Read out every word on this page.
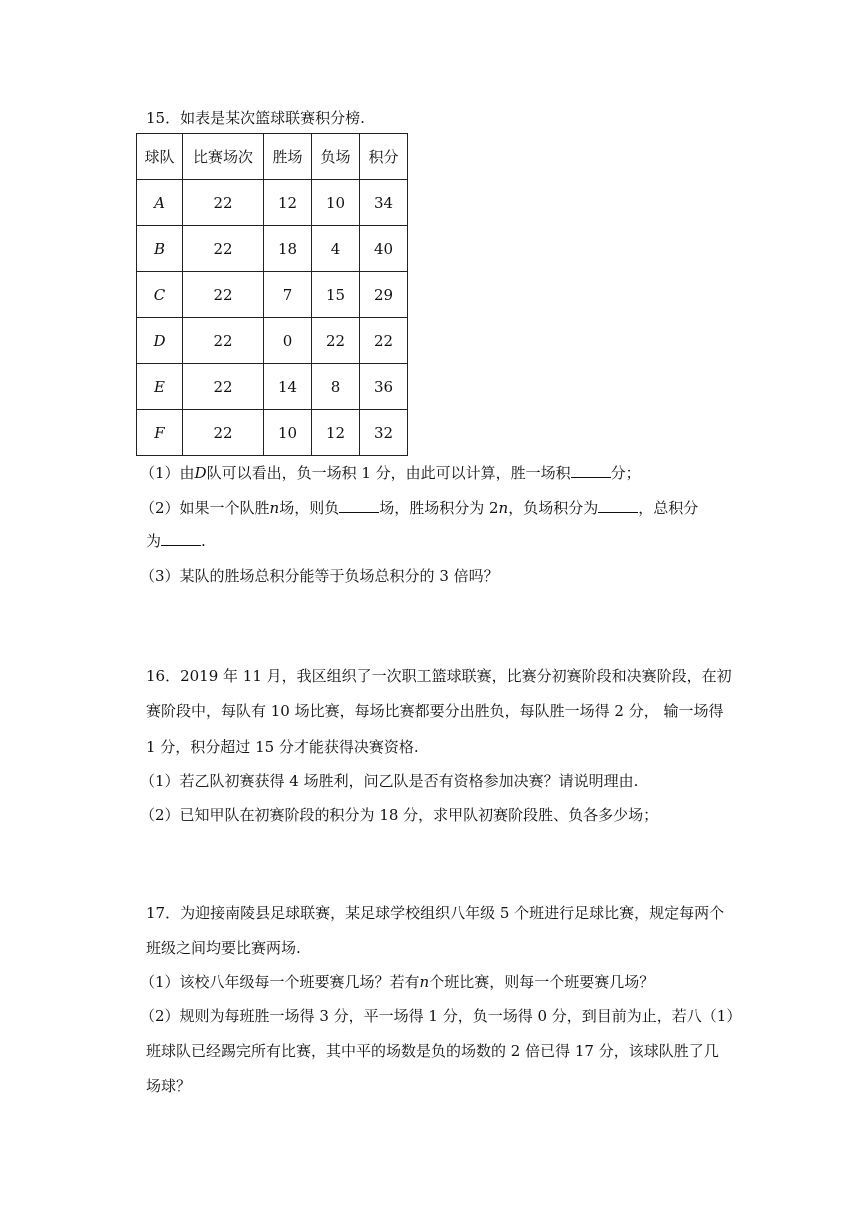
15．如表是某次篮球联赛积分榜.
球队	比赛场次	胜场	负场	积分
A	22	12	10	34
B	22	18	4	40
C	22	7	15	29
D	22	0	22	22
E	22	14	8	36
F	22	10	12	32
（1）由D队可以看出，负一场积 1 分，由此可以计算，胜一场积	分；
（2）如果一个队胜n场，则负	场，胜场积分为 2n，负场积分为	，总积分
为	.
（3）某队的胜场总积分能等于负场总积分的 3 倍吗？
16．2019 年 11 月，我区组织了一次职工篮球联赛，比赛分初赛阶段和决赛阶段，在初
赛阶段中，每队有 10 场比赛，每场比赛都要分出胜负，每队胜一场得 2 分， 输一场得
1 分，积分超过 15 分才能获得决赛资格.
（1）若乙队初赛获得 4 场胜利，问乙队是否有资格参加决赛？请说明理由.
（2）已知甲队在初赛阶段的积分为 18 分，求甲队初赛阶段胜、负各多少场；
17．为迎接南陵县足球联赛，某足球学校组织八年级 5 个班进行足球比赛，规定每两个
班级之间均要比赛两场.
（1）该校八年级每一个班要赛几场？若有n个班比赛，则每一个班要赛几场？
（2）规则为每班胜一场得 3 分，平一场得 1 分，负一场得 0 分，到目前为止，若八（1）
班球队已经踢完所有比赛，其中平的场数是负的场数的 2 倍已得 17 分，该球队胜了几
场球？
